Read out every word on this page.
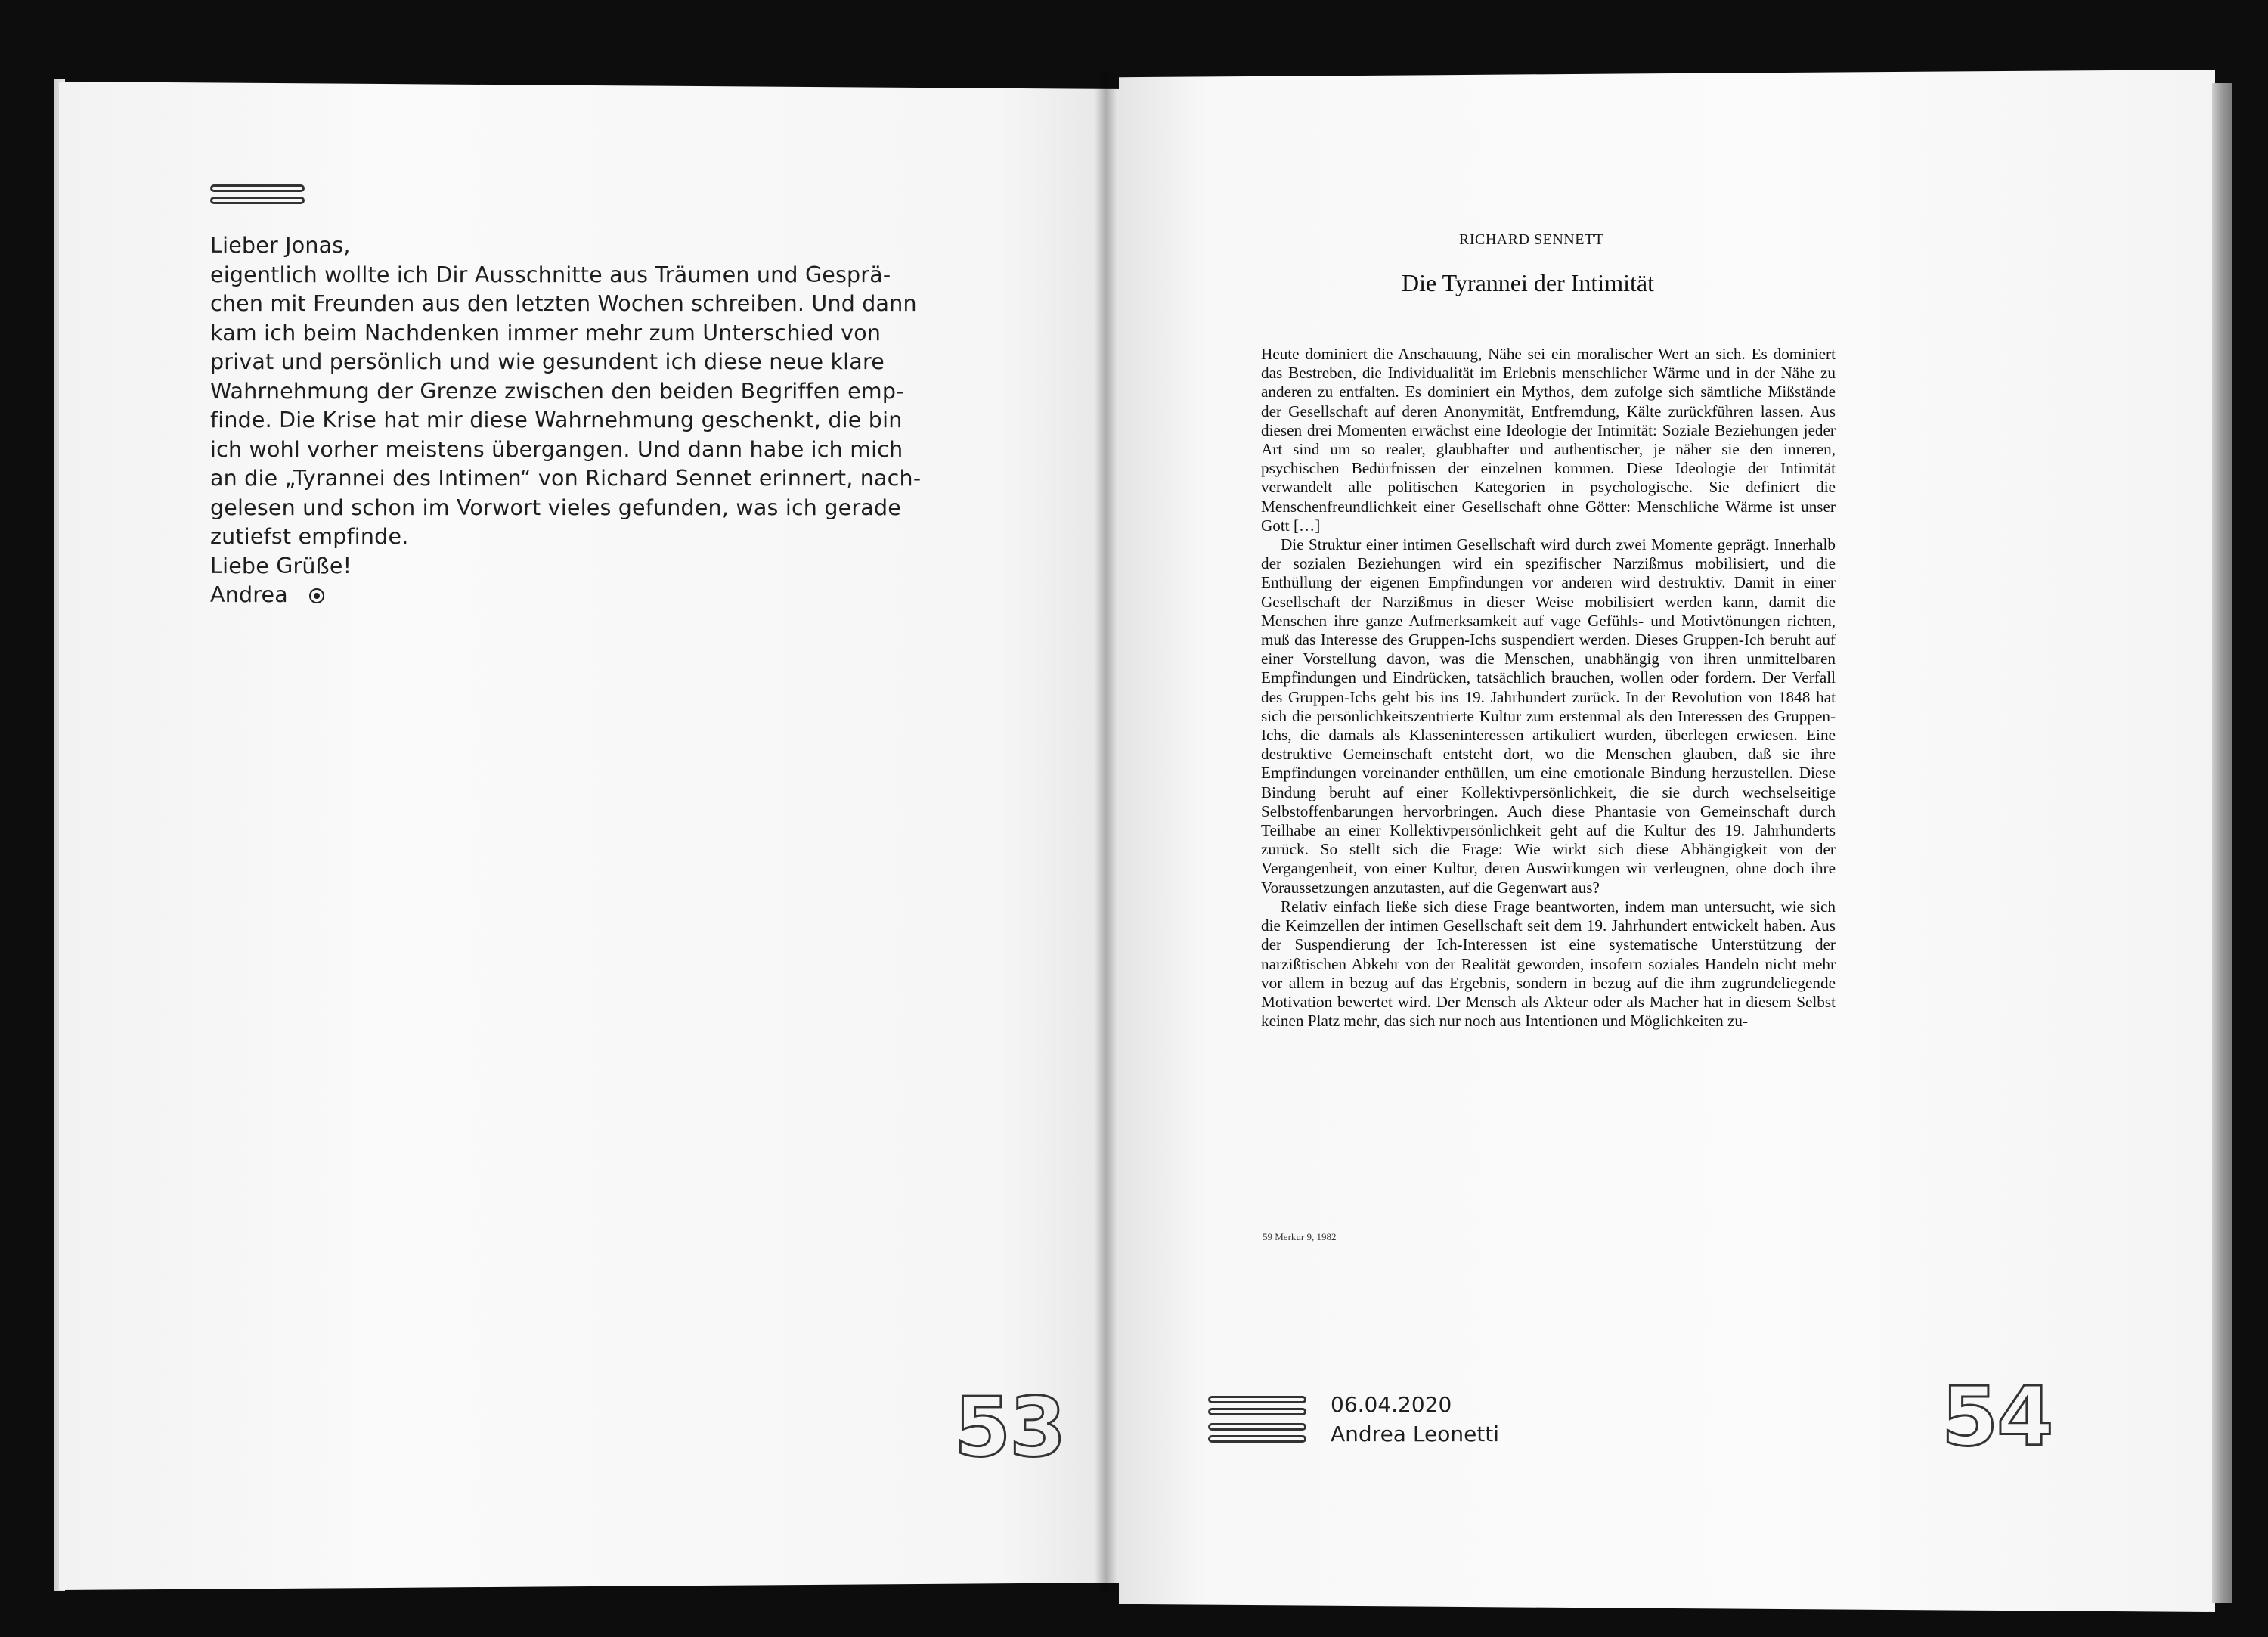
Lieber Jonas,
eigentlich wollte ich Dir Ausschnitte aus Träumen und Gesprä-
chen mit Freunden aus den letzten Wochen schreiben. Und dann
kam ich beim Nachdenken immer mehr zum Unterschied von
privat und persönlich und wie gesundent ich diese neue klare
Wahrnehmung der Grenze zwischen den beiden Begriffen emp-
finde. Die Krise hat mir diese Wahrnehmung geschenkt, die bin
ich wohl vorher meistens übergangen. Und dann habe ich mich
an die „Tyrannei des Intimen“ von Richard Sennet erinnert, nach-
gelesen und schon im Vorwort vieles gefunden, was ich gerade
zutiefst empfinde.
Liebe Grüße!
Andrea
53
RICHARD SENNETT
Die Tyrannei der Intimität

Heute dominiert die Anschauung, Nähe sei ein moralischer Wert an sich. Es dominiert das Bestreben, die Individualität im Erlebnis menschlicher Wärme und in der Nähe zu anderen zu entfalten. Es dominiert ein Mythos, dem zufolge sich sämtliche Mißstände der Gesellschaft auf deren Anonymität, Entfremdung, Kälte zurückführen lassen. Aus diesen drei Momenten erwächst eine Ideologie der Intimität: Soziale Beziehungen jeder Art sind um so realer, glaubhafter und authentischer, je näher sie den inneren, psychischen Bedürfnissen der einzelnen kommen. Diese Ideologie der Intimität verwandelt alle politischen Kategorien in psychologische. Sie definiert die Menschenfreundlichkeit einer Gesellschaft ohne Götter: Menschliche Wärme ist unser Gott […]

Die Struktur einer intimen Gesellschaft wird durch zwei Momente geprägt. Innerhalb der sozialen Beziehungen wird ein spezifischer Narzißmus mobilisiert, und die Enthüllung der eigenen Empfindungen vor anderen wird destruktiv. Damit in einer Gesellschaft der Narzißmus in dieser Weise mobilisiert werden kann, damit die Menschen ihre ganze Aufmerksamkeit auf vage Gefühls- und Motivtönungen richten, muß das Interesse des Gruppen-Ichs suspendiert werden. Dieses Gruppen-Ich beruht auf einer Vorstellung davon, was die Menschen, unabhängig von ihren unmittelbaren Empfindungen und Eindrücken, tatsächlich brauchen, wollen oder fordern. Der Verfall des Gruppen-Ichs geht bis ins 19. Jahrhundert zurück. In der Revolution von 1848 hat sich die persönlichkeitszentrierte Kultur zum erstenmal als den Interessen des Gruppen-Ichs, die damals als Klasseninteressen artikuliert wurden, überlegen erwiesen. Eine destruktive Gemeinschaft entsteht dort, wo die Menschen glauben, daß sie ihre Empfindungen voreinander enthüllen, um eine emotionale Bindung herzustellen. Diese Bindung beruht auf einer Kollektivpersönlichkeit, die sie durch wechselseitige Selbstoffenbarungen hervorbringen. Auch diese Phantasie von Gemeinschaft durch Teilhabe an einer Kollektivpersönlichkeit geht auf die Kultur des 19. Jahrhunderts zurück. So stellt sich die Frage: Wie wirkt sich diese Abhängigkeit von der Vergangenheit, von einer Kultur, deren Auswirkungen wir verleugnen, ohne doch ihre Voraussetzungen anzutasten, auf die Gegenwart aus?

Relativ einfach ließe sich diese Frage beantworten, indem man untersucht, wie sich die Keimzellen der intimen Gesellschaft seit dem 19. Jahrhundert entwickelt haben. Aus der Suspendierung der Ich-Interessen ist eine systematische Unterstützung der narzißtischen Abkehr von der Realität geworden, insofern soziales Handeln nicht mehr vor allem in bezug auf das Ergebnis, sondern in bezug auf die ihm zugrundeliegende Motivation bewertet wird. Der Mensch als Akteur oder als Macher hat in diesem Selbst keinen Platz mehr, das sich nur noch aus Intentionen und Möglichkeiten zu-

59 Merkur 9, 1982
06.04.2020
Andrea Leonetti	54
